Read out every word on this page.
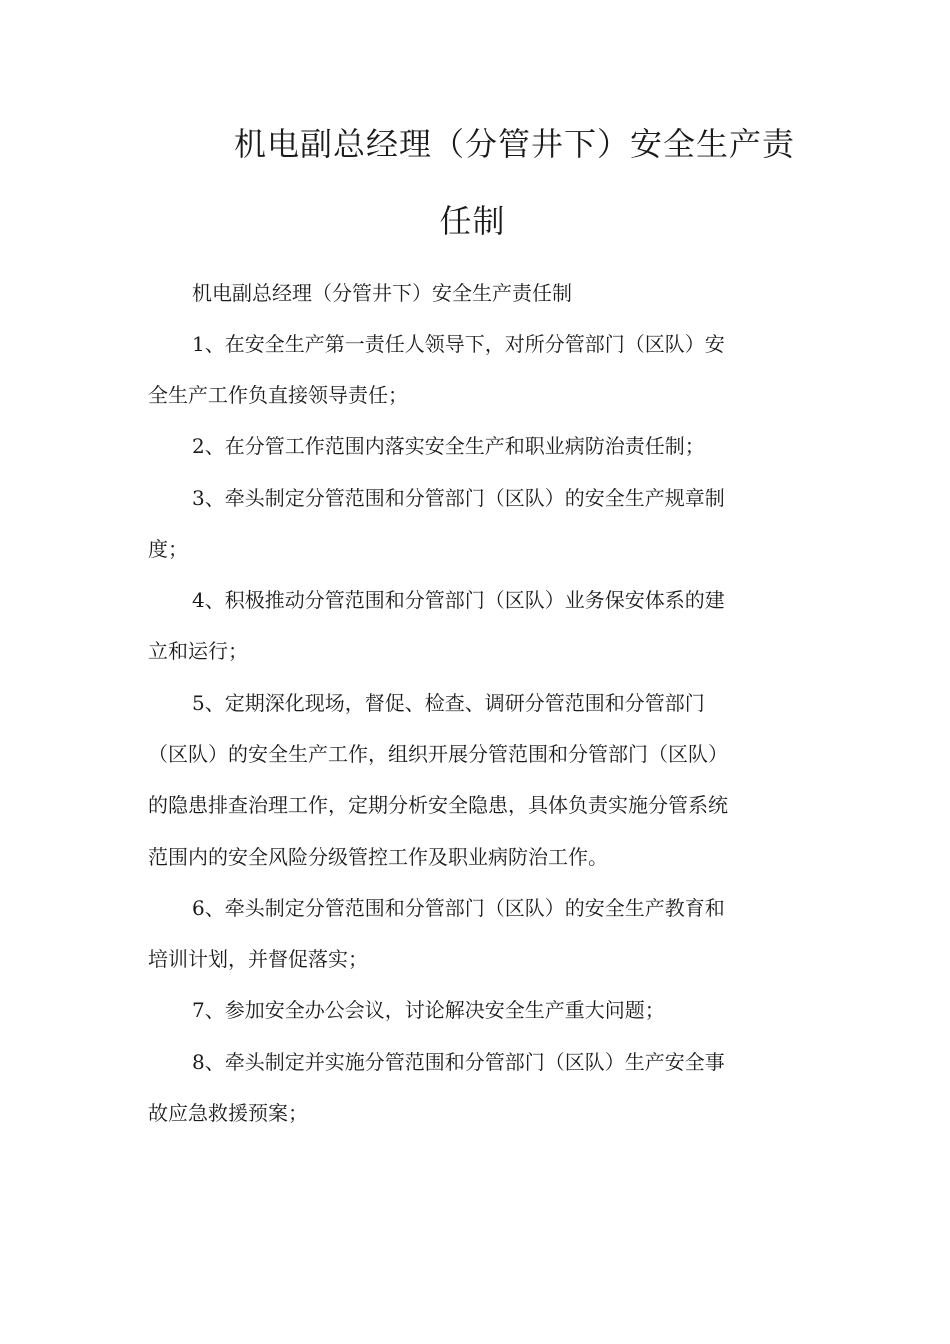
机电副总经理（分管井下）安全生产责
任制
机电副总经理（分管井下）安全生产责任制
1、在安全生产第一责任人领导下，对所分管部门（区队）安
全生产工作负直接领导责任；
2、在分管工作范围内落实安全生产和职业病防治责任制；
3、牵头制定分管范围和分管部门（区队）的安全生产规章制
度；
4、积极推动分管范围和分管部门（区队）业务保安体系的建
立和运行；
5、定期深化现场，督促、检查、调研分管范围和分管部门
（区队）的安全生产工作，组织开展分管范围和分管部门（区队）
的隐患排查治理工作，定期分析安全隐患，具体负责实施分管系统
范围内的安全风险分级管控工作及职业病防治工作。
6、牵头制定分管范围和分管部门（区队）的安全生产教育和
培训计划，并督促落实；
7、参加安全办公会议，讨论解决安全生产重大问题；
8、牵头制定并实施分管范围和分管部门（区队）生产安全事
故应急救援预案；
